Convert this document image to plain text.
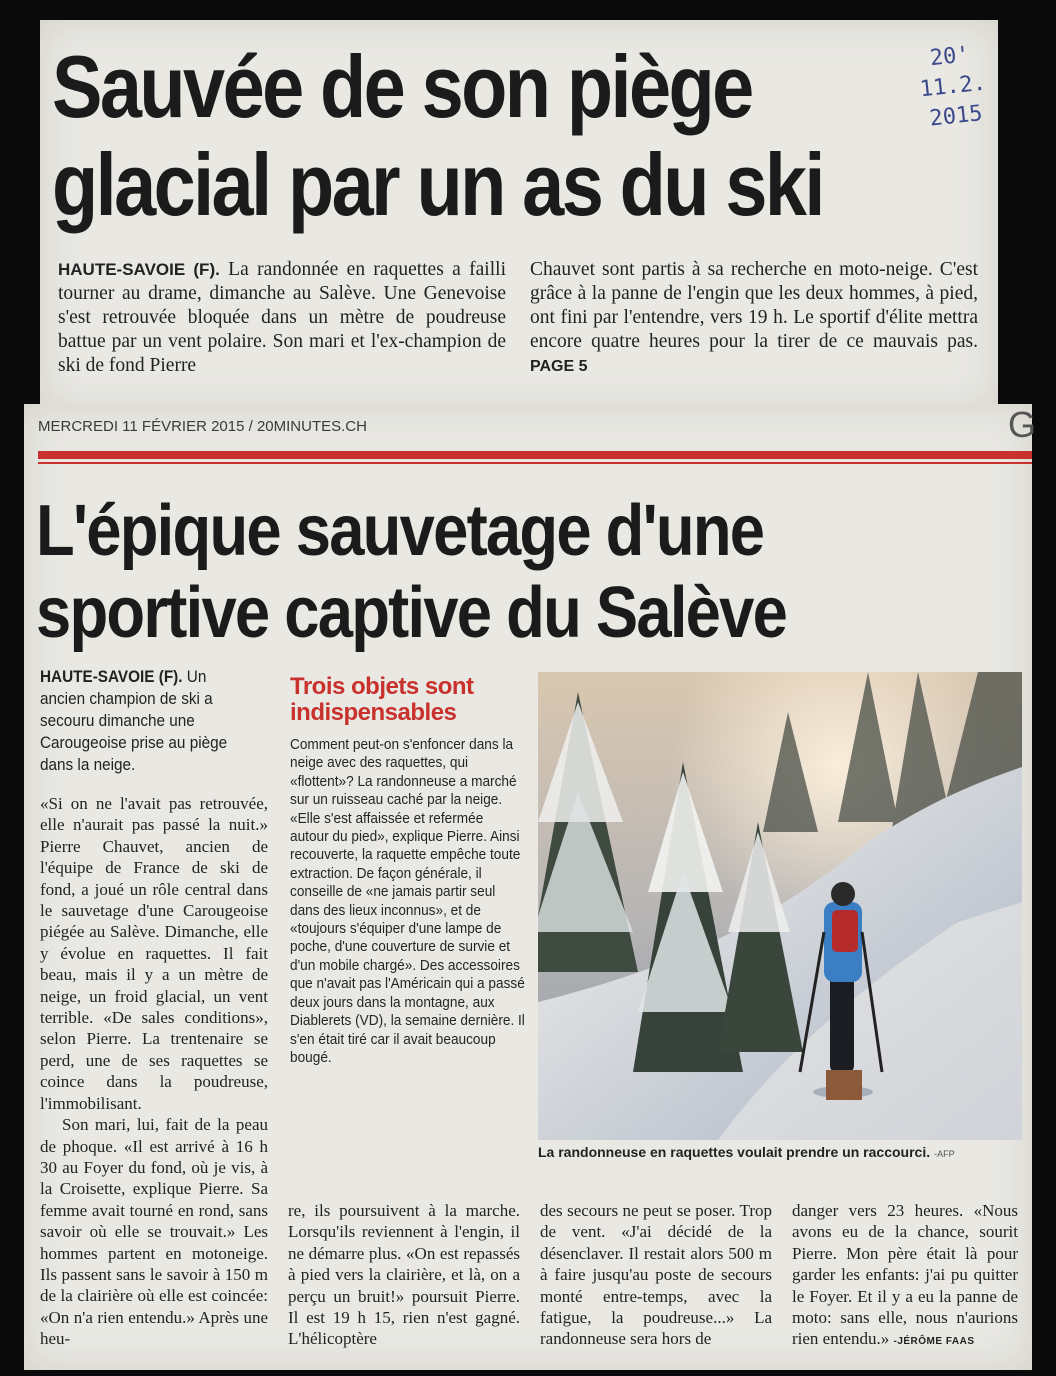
Sauvée de son piège glacial par un as du ski
20'
11.2.
2015
HAUTE-SAVOIE (F). La randonnée en raquettes a failli tourner au drame, dimanche au Salève. Une Genevoise s'est retrouvée bloquée dans un mètre de poudreuse battue par un vent polaire. Son mari et l'ex-champion de ski de fond Pierre
Chauvet sont partis à sa recherche en moto-neige. C'est grâce à la panne de l'engin que les deux hommes, à pied, ont fini par l'entendre, vers 19 h. Le sportif d'élite mettra encore quatre heures pour la tirer de ce mauvais pas. PAGE 5
MERCREDI 11 FÉVRIER 2015 / 20MINUTES.CH	G
L'épique sauvetage d'une sportive captive du Salève
HAUTE-SAVOIE (F). Un ancien champion de ski a secouru dimanche une Carougeoise prise au piège dans la neige.

«Si on ne l'avait pas retrouvée, elle n'aurait pas passé la nuit.» Pierre Chauvet, ancien de l'équipe de France de ski de fond, a joué un rôle central dans le sauvetage d'une Carougeoise piégée au Salève. Dimanche, elle y évolue en raquettes. Il fait beau, mais il y a un mètre de neige, un froid glacial, un vent terrible. «De sales conditions», selon Pierre. La trentenaire se perd, une de ses raquettes se coince dans la poudreuse, l'immobilisant.

Son mari, lui, fait de la peau de phoque. «Il est arrivé à 16 h 30 au Foyer du fond, où je vis, à la Croisette, explique Pierre. Sa femme avait tourné en rond, sans savoir où elle se trouvait.» Les hommes partent en motoneige. Ils passent sans le savoir à 150 m de la clairière où elle est coincée: «On n'a rien entendu.» Après une heu-

Trois objets sont indispensables

Comment peut-on s'enfoncer dans la neige avec des raquettes, qui «flottent»? La randonneuse a marché sur un ruisseau caché par la neige. «Elle s'est affaissée et refermée autour du pied», explique Pierre. Ainsi recouverte, la raquette empêche toute extraction. De façon générale, il conseille de «ne jamais partir seul dans des lieux inconnus», et de «toujours s'équiper d'une lampe de poche, d'une couverture de survie et d'un mobile chargé». Des accessoires que n'avait pas l'Américain qui a passé deux jours dans la montagne, aux Diablerets (VD), la semaine dernière. Il s'en était tiré car il avait beaucoup bougé.

La randonneuse en raquettes voulait prendre un raccourci. -AFP

re, ils poursuivent à la marche. Lorsqu'ils reviennent à l'engin, il ne démarre plus. «On est repassés à pied vers la clairière, et là, on a perçu un bruit!» poursuit Pierre. Il est 19 h 15, rien n'est gagné. L'hélicoptère

des secours ne peut se poser. Trop de vent. «J'ai décidé de la désenclaver. Il restait alors 500 m à faire jusqu'au poste de secours monté entre-temps, avec la fatigue, la poudreuse...» La randonneuse sera hors de

danger vers 23 heures. «Nous avons eu de la chance, sourit Pierre. Mon père était là pour garder les enfants: j'ai pu quitter le Foyer. Et il y a eu la panne de moto: sans elle, nous n'aurions rien entendu.» -JÉRÔME FAAS
